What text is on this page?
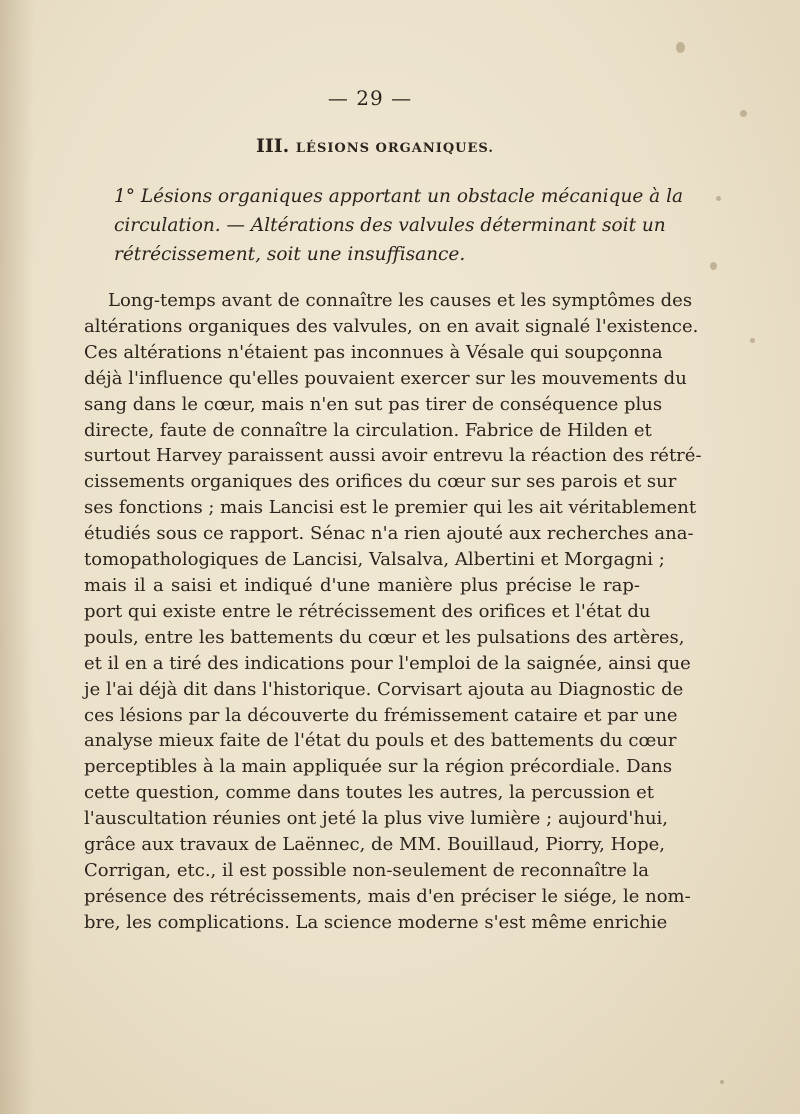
— 29 —
III. LÉSIONS ORGANIQUES.
1° Lésions organiques apportant un obstacle mécanique à la
circulation. — Altérations des valvules déterminant soit un
rétrécissement, soit une insuffisance.
Long-temps avant de connaître les causes et les symptômes des
altérations organiques des valvules, on en avait signalé l'existence.
Ces altérations n'étaient pas inconnues à Vésale qui soupçonna
déjà l'influence qu'elles pouvaient exercer sur les mouvements du
sang dans le cœur, mais n'en sut pas tirer de conséquence plus
directe, faute de connaître la circulation. Fabrice de Hilden et
surtout Harvey paraissent aussi avoir entrevu la réaction des rétré-
cissements organiques des orifices du cœur sur ses parois et sur
ses fonctions ; mais Lancisi est le premier qui les ait véritablement
étudiés sous ce rapport. Sénac n'a rien ajouté aux recherches ana-
tomopathologiques de Lancisi, Valsalva, Albertini et Morgagni ;
mais il a saisi et indiqué d'une manière plus précise le rap-
port qui existe entre le rétrécissement des orifices et l'état du
pouls, entre les battements du cœur et les pulsations des artères,
et il en a tiré des indications pour l'emploi de la saignée, ainsi que
je l'ai déjà dit dans l'historique. Corvisart ajouta au Diagnostic de
ces lésions par la découverte du frémissement cataire et par une
analyse mieux faite de l'état du pouls et des battements du cœur
perceptibles à la main appliquée sur la région précordiale. Dans
cette question, comme dans toutes les autres, la percussion et
l'auscultation réunies ont jeté la plus vive lumière ; aujourd'hui,
grâce aux travaux de Laënnec, de MM. Bouillaud, Piorry, Hope,
Corrigan, etc., il est possible non-seulement de reconnaître la
présence des rétrécissements, mais d'en préciser le siége, le nom-
bre, les complications. La science moderne s'est même enrichie
